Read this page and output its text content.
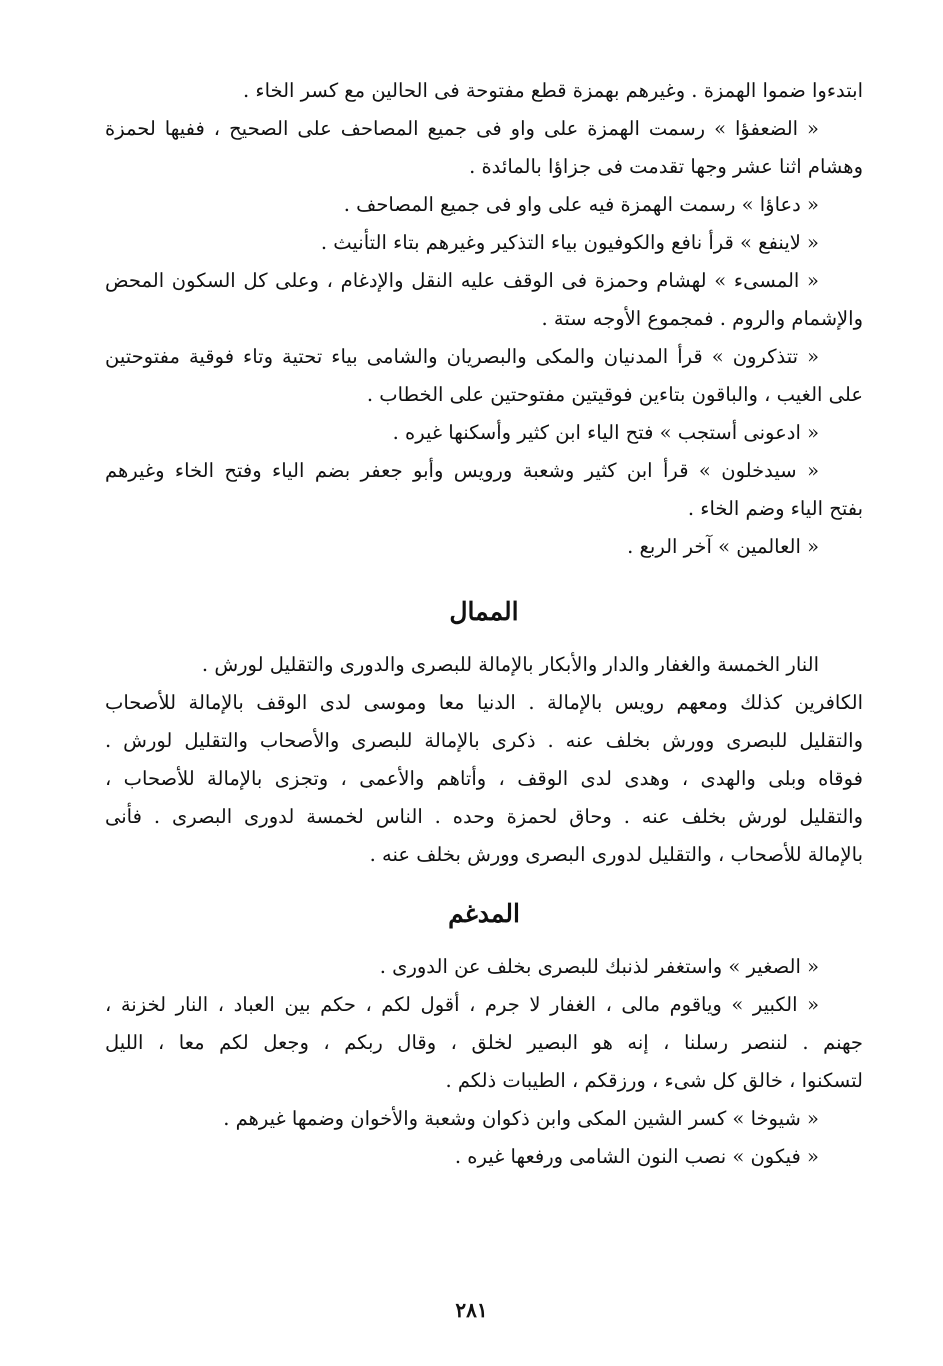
ابتدءوا ضموا الهمزة . وغيرهم بهمزة قطع مفتوحة فى الحالين مع كسر الخاء .
« الضعفؤا » رسمت الهمزة على واو فى جميع المصاحف على الصحيح ، ففيها لحمزة
وهشام اثنا عشر وجها تقدمت فى جزاؤا بالمائدة .
« دعاؤا » رسمت الهمزة فيه على واو فى جميع المصاحف .
« لاينفع » قرأ نافع والكوفيون بياء التذكير وغيرهم بتاء التأنيث .
« المسىء » لهشام وحمزة فى الوقف عليه النقل والإدغام ، وعلى كل السكون المحض
والإشمام والروم . فمجموع الأوجه ستة .
« تتذكرون » قرأ المدنيان والمكى والبصريان والشامى بياء تحتية وتاء فوقية مفتوحتين
على الغيب ، والباقون بتاءين فوقيتين مفتوحتين على الخطاب .
« ادعونى أستجب » فتح الياء ابن كثير وأسكنها غيره .
« سيدخلون » قرأ ابن كثير وشعبة ورويس وأبو جعفر بضم الياء وفتح الخاء وغيرهم
بفتح الياء وضم الخاء .
« العالمين » آخر الربع .
الممال
النار الخمسة والغفار والدار والأبكار بالإمالة للبصرى والدورى والتقليل لورش .
الكافرين كذلك ومعهم رويس بالإمالة . الدنيا معا وموسى لدى الوقف بالإمالة للأصحاب
والتقليل للبصرى وورش بخلف عنه . ذكرى بالإمالة للبصرى والأصحاب والتقليل لورش .
فوقاه وبلى والهدى ، وهدى لدى الوقف ، وأتاهم والأعمى ، وتجزى بالإمالة للأصحاب ،
والتقليل لورش بخلف عنه . وحاق لحمزة وحده . الناس لخمسة لدورى البصرى . فأنى
بالإمالة للأصحاب ، والتقليل لدورى البصرى وورش بخلف عنه .
المدغم
« الصغير » واستغفر لذنبك للبصرى بخلف عن الدورى .
« الكبير » وياقوم مالى ، الغفار لا جرم ، أقول لكم ، حكم بين العباد ، النار لخزنة ،
جهنم . لننصر رسلنا ، إنه هو البصير لخلق ، وقال ربكم ، وجعل لكم معا ، الليل
لتسكنوا ، خالق كل شىء ، ورزقكم ، الطيبات ذلكم .
« شيوخا » كسر الشين المكى وابن ذكوان وشعبة والأخوان وضمها غيرهم .
« فيكون » نصب النون الشامى ورفعها غيره .
٢٨١
